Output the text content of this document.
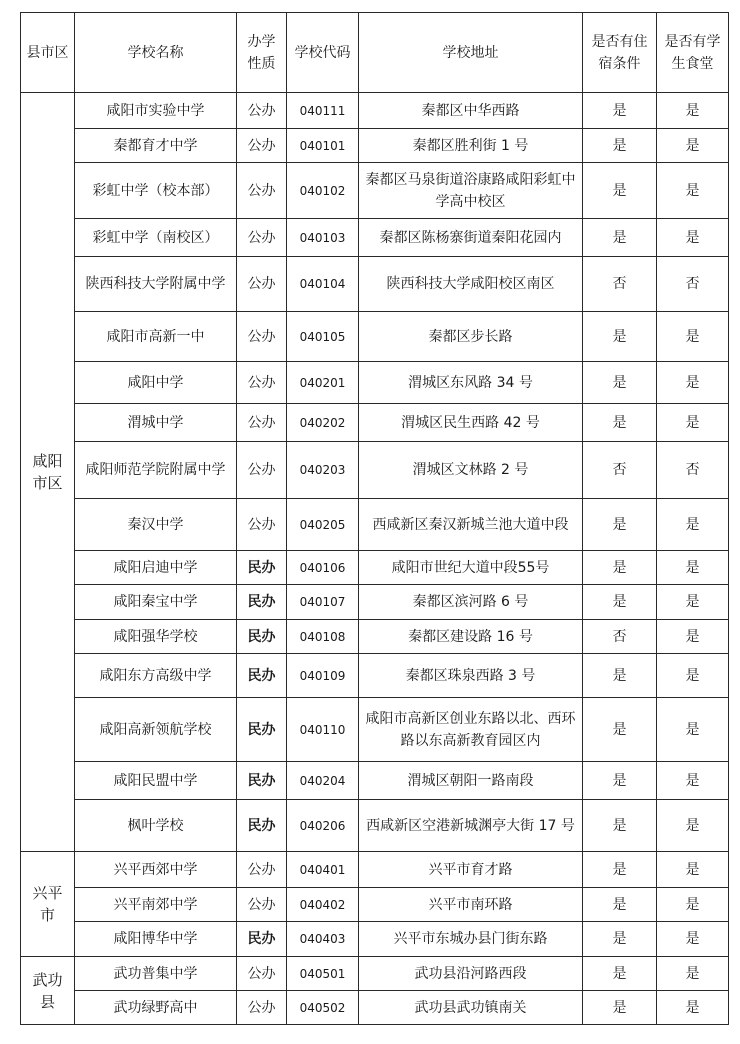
县市区	学校名称	办学性质	学校代码	学校地址	是否有住宿条件	是否有学生食堂
咸阳市区	咸阳市实验中学	公办	040111	秦都区中华西路	是	是
	秦都育才中学	公办	040101	秦都区胜利街 1 号	是	是
	彩虹中学（校本部）	公办	040102	秦都区马泉街道浴康路咸阳彩虹中学高中校区	是	是
	彩虹中学（南校区）	公办	040103	秦都区陈杨寨街道秦阳花园内	是	是
	陕西科技大学附属中学	公办	040104	陕西科技大学咸阳校区南区	否	否
	咸阳市高新一中	公办	040105	秦都区步长路	是	是
	咸阳中学	公办	040201	渭城区东风路 34 号	是	是
	渭城中学	公办	040202	渭城区民生西路 42 号	是	是
	咸阳师范学院附属中学	公办	040203	渭城区文林路 2 号	否	否
	秦汉中学	公办	040205	西咸新区秦汉新城兰池大道中段	是	是
	咸阳启迪中学	民办	040106	咸阳市世纪大道中段55号	是	是
	咸阳秦宝中学	民办	040107	秦都区滨河路 6 号	是	是
	咸阳强华学校	民办	040108	秦都区建设路 16 号	否	是
	咸阳东方高级中学	民办	040109	秦都区珠泉西路 3 号	是	是
	咸阳高新领航学校	民办	040110	咸阳市高新区创业东路以北、西环路以东高新教育园区内	是	是
	咸阳民盟中学	民办	040204	渭城区朝阳一路南段	是	是
	枫叶学校	民办	040206	西咸新区空港新城渊亭大街 17 号	是	是
兴平市	兴平西郊中学	公办	040401	兴平市育才路	是	是
	兴平南郊中学	公办	040402	兴平市南环路	是	是
	咸阳博华中学	民办	040403	兴平市东城办县门街东路	是	是
武功县	武功普集中学	公办	040501	武功县沿河路西段	是	是
	武功绿野高中	公办	040502	武功县武功镇南关	是	是
